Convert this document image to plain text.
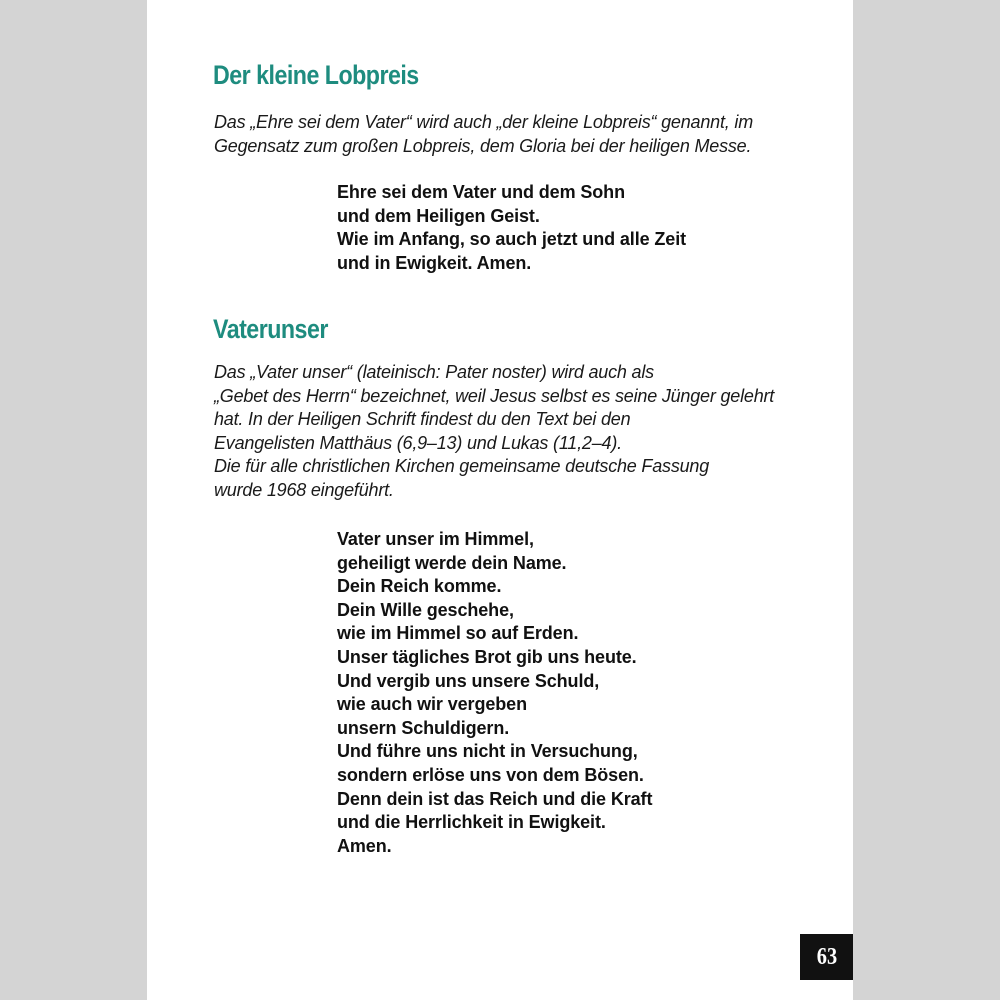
Der kleine Lobpreis
Das „Ehre sei dem Vater“ wird auch „der kleine Lobpreis“ genannt, im
Gegensatz zum großen Lobpreis, dem Gloria bei der heiligen Messe.
Ehre sei dem Vater und dem Sohn
und dem Heiligen Geist.
Wie im Anfang, so auch jetzt und alle Zeit
und in Ewigkeit. Amen.
Vaterunser
Das „Vater unser“ (lateinisch: Pater noster) wird auch als
„Gebet des Herrn“ bezeichnet, weil Jesus selbst es seine Jünger gelehrt
hat. In der Heiligen Schrift findest du den Text bei den
Evangelisten Matthäus (6,9–13) und Lukas (11,2–4).
Die für alle christlichen Kirchen gemeinsame deutsche Fassung
wurde 1968 eingeführt.
Vater unser im Himmel,
geheiligt werde dein Name.
Dein Reich komme.
Dein Wille geschehe,
wie im Himmel so auf Erden.
Unser tägliches Brot gib uns heute.
Und vergib uns unsere Schuld,
wie auch wir vergeben
unsern Schuldigern.
Und führe uns nicht in Versuchung,
sondern erlöse uns von dem Bösen.
Denn dein ist das Reich und die Kraft
und die Herrlichkeit in Ewigkeit.
Amen.
63
